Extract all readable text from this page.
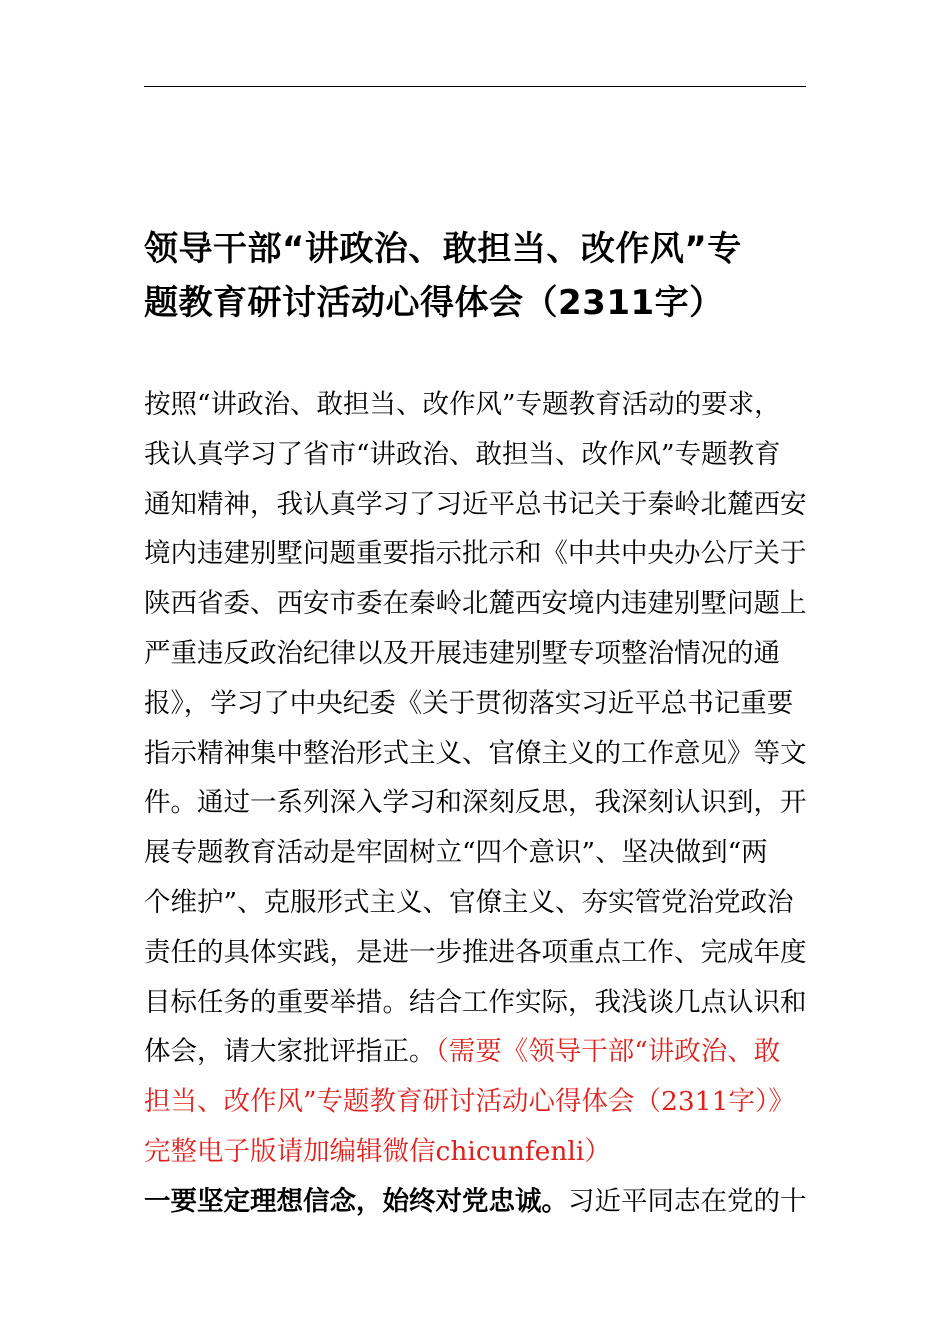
领导干部“讲政治、敢担当、改作风”专
题教育研讨活动心得体会（2311字）
按照“讲政治、敢担当、改作风”专题教育活动的要求，
我认真学习了省市“讲政治、敢担当、改作风”专题教育
通知精神，我认真学习了习近平总书记关于秦岭北麓西安
境内违建别墅问题重要指示批示和《中共中央办公厅关于
陕西省委、西安市委在秦岭北麓西安境内违建别墅问题上
严重违反政治纪律以及开展违建别墅专项整治情况的通
报》，学习了中央纪委《关于贯彻落实习近平总书记重要
指示精神集中整治形式主义、官僚主义的工作意见》等文
件。通过一系列深入学习和深刻反思，我深刻认识到，开
展专题教育活动是牢固树立“四个意识”、坚决做到“两
个维护”、克服形式主义、官僚主义、夯实管党治党政治
责任的具体实践，是进一步推进各项重点工作、完成年度
目标任务的重要举措。结合工作实际，我浅谈几点认识和
体会，请大家批评指正。（需要《领导干部“讲政治、敢
担当、改作风”专题教育研讨活动心得体会（2311字）》
完整电子版请加编辑微信chicunfenli）
一要坚定理想信念，始终对党忠诚。习近平同志在党的十
